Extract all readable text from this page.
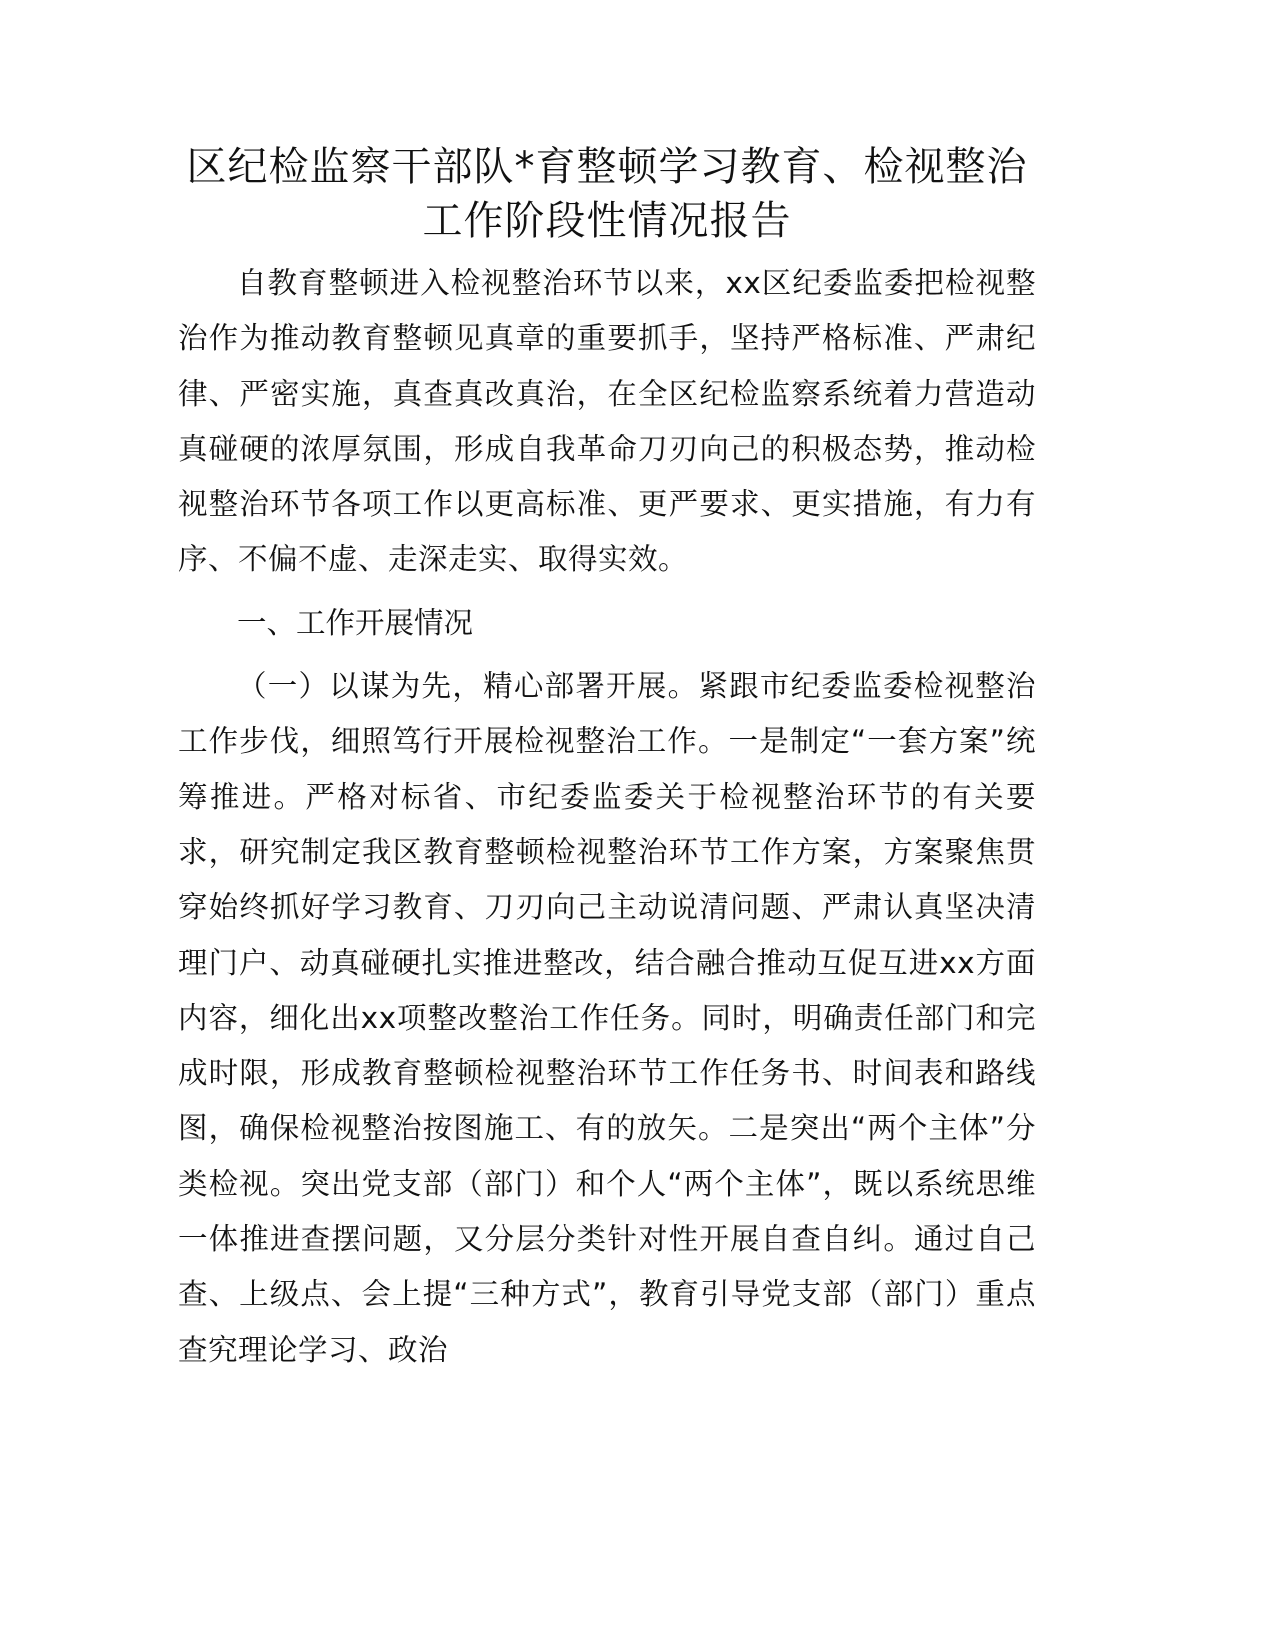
区纪检监察干部队*育整顿学习教育、检视整治
工作阶段性情况报告

自教育整顿进入检视整治环节以来，xx区纪委监委把检视整治作为推动教育整顿见真章的重要抓手，坚持严格标准、严肃纪律、严密实施，真查真改真治，在全区纪检监察系统着力营造动真碰硬的浓厚氛围，形成自我革命刀刃向己的积极态势，推动检视整治环节各项工作以更高标准、更严要求、更实措施，有力有序、不偏不虚、走深走实、取得实效。

一、工作开展情况

（一）以谋为先，精心部署开展。紧跟市纪委监委检视整治工作步伐，细照笃行开展检视整治工作。一是制定“一套方案”统筹推进。严格对标省、市纪委监委关于检视整治环节的有关要求，研究制定我区教育整顿检视整治环节工作方案，方案聚焦贯穿始终抓好学习教育、刀刃向己主动说清问题、严肃认真坚决清理门户、动真碰硬扎实推进整改，结合融合推动互促互进xx方面内容，细化出xx项整改整治工作任务。同时，明确责任部门和完成时限，形成教育整顿检视整治环节工作任务书、时间表和路线图，确保检视整治按图施工、有的放矢。二是突出“两个主体”分类检视。突出党支部（部门）和个人“两个主体”，既以系统思维一体推进查摆问题，又分层分类针对性开展自查自纠。通过自己查、上级点、会上提“三种方式”，教育引导党支部（部门）重点查究理论学习、政治
